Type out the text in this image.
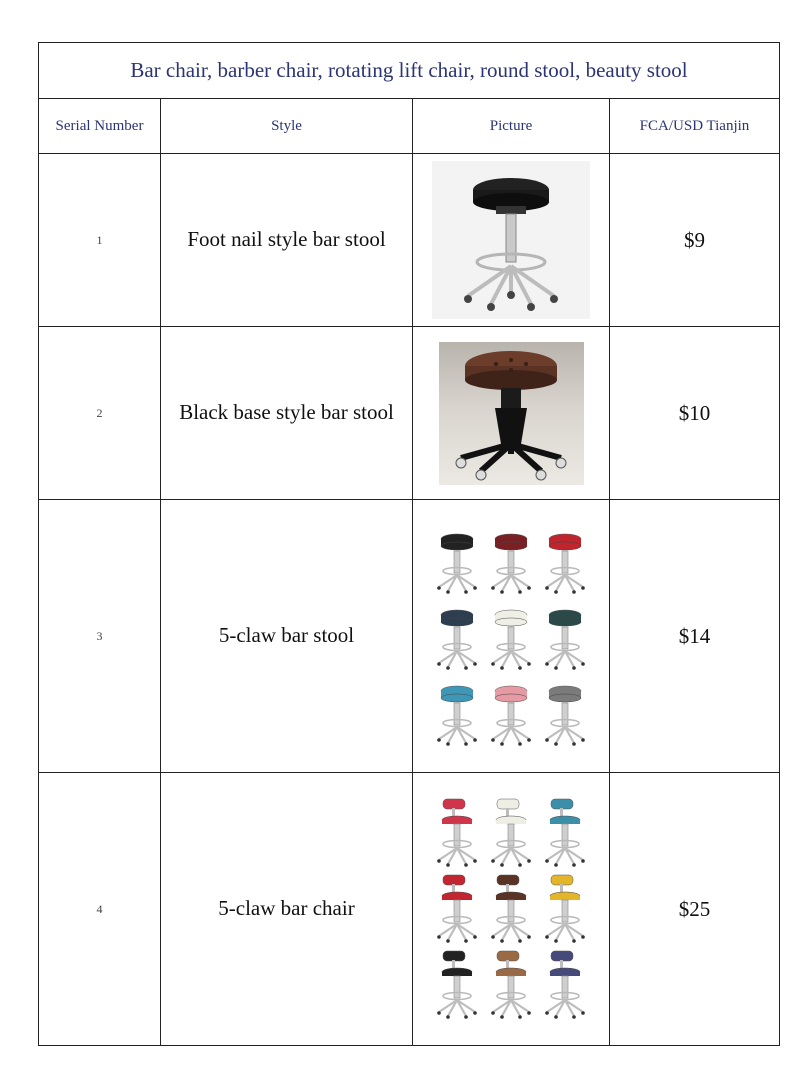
Bar chair, barber chair, rotating lift chair, round stool, beauty stool			
Serial Number	Style	Picture	FCA/USD Tianjin
1	Foot nail style bar stool		$9
2	Black base style bar stool		$10
3	5-claw bar stool		$14
4	5-claw bar chair		$25
